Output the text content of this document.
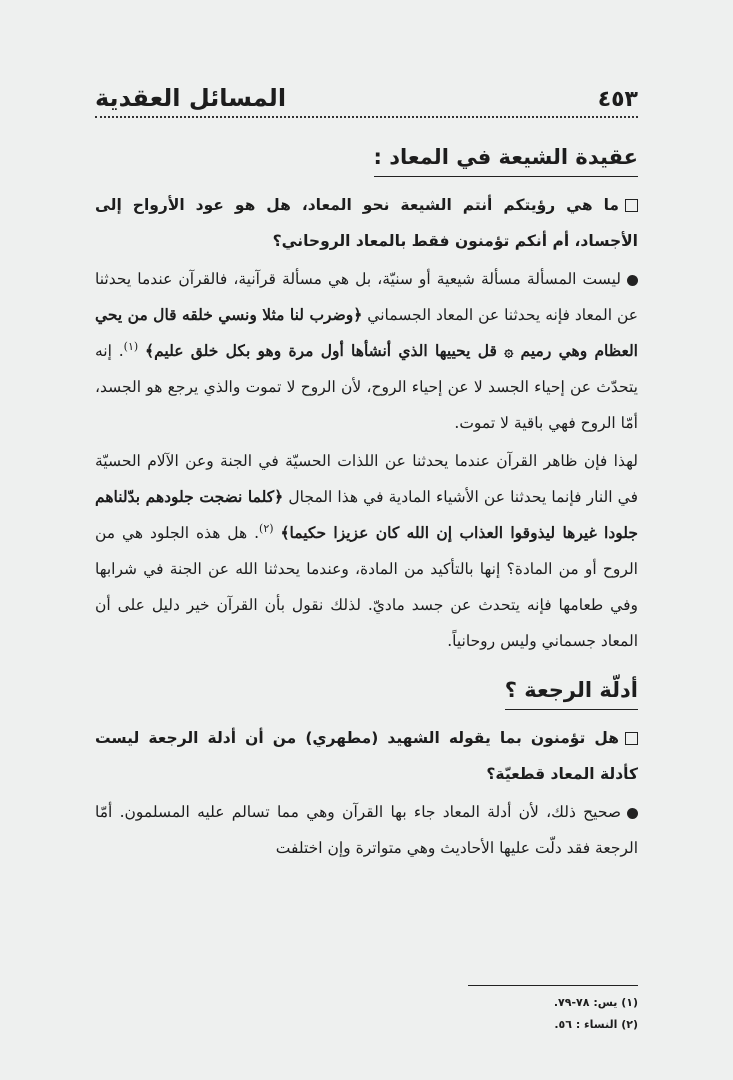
٤٥٣
المسائل العقدية
عقيدة الشيعة في المعاد :

ما هي رؤيتكم أنتم الشيعة نحو المعاد، هل هو عود الأرواح إلى الأجساد، أم أنكم تؤمنون فقط بالمعاد الروحاني؟

ليست المسألة مسألة شيعية أو سنيّة، بل هي مسألة قرآنية، فالقرآن عندما يحدثنا عن المعاد فإنه يحدثنا عن المعاد الجسماني ﴿وضرب لنا مثلا ونسي خلقه قال من يحي العظام وهي رميم ۞ قل يحييها الذي أنشأها أول مرة وهو بكل خلق عليم﴾ $^{(١)}$. إنه يتحدّث عن إحياء الجسد لا عن إحياء الروح، لأن الروح لا تموت والذي يرجع هو الجسد، أمّا الروح فهي باقية لا تموت.

لهذا فإن ظاهر القرآن عندما يحدثنا عن اللذات الحسيّة في الجنة وعن الآلام الحسيّة في النار فإنما يحدثنا عن الأشياء المادية في هذا المجال ﴿كلما نضجت جلودهم بدّلناهم جلودا غيرها ليذوقوا العذاب إن الله كان عزيزا حكيما﴾ $^{(٢)}$. هل هذه الجلود هي من الروح أو من المادة؟ إنها بالتأكيد من المادة، وعندما يحدثنا الله عن الجنة في شرابها وفي طعامها فإنه يتحدث عن جسد ماديّ. لذلك نقول بأن القرآن خير دليل على أن المعاد جسماني وليس روحانياً.

أدلّة الرجعة ؟

هل تؤمنون بما يقوله الشهيد (مطهري) من أن أدلة الرجعة ليست كأدلة المعاد قطعيّة؟

صحيح ذلك، لأن أدلة المعاد جاء بها القرآن وهي مما تسالم عليه المسلمون. أمّا الرجعة فقد دلّت عليها الأحاديث وهي متواترة وإن اختلفت

(١) يس: ٧٨-٧٩.

(٢) النساء : ٥٦.
